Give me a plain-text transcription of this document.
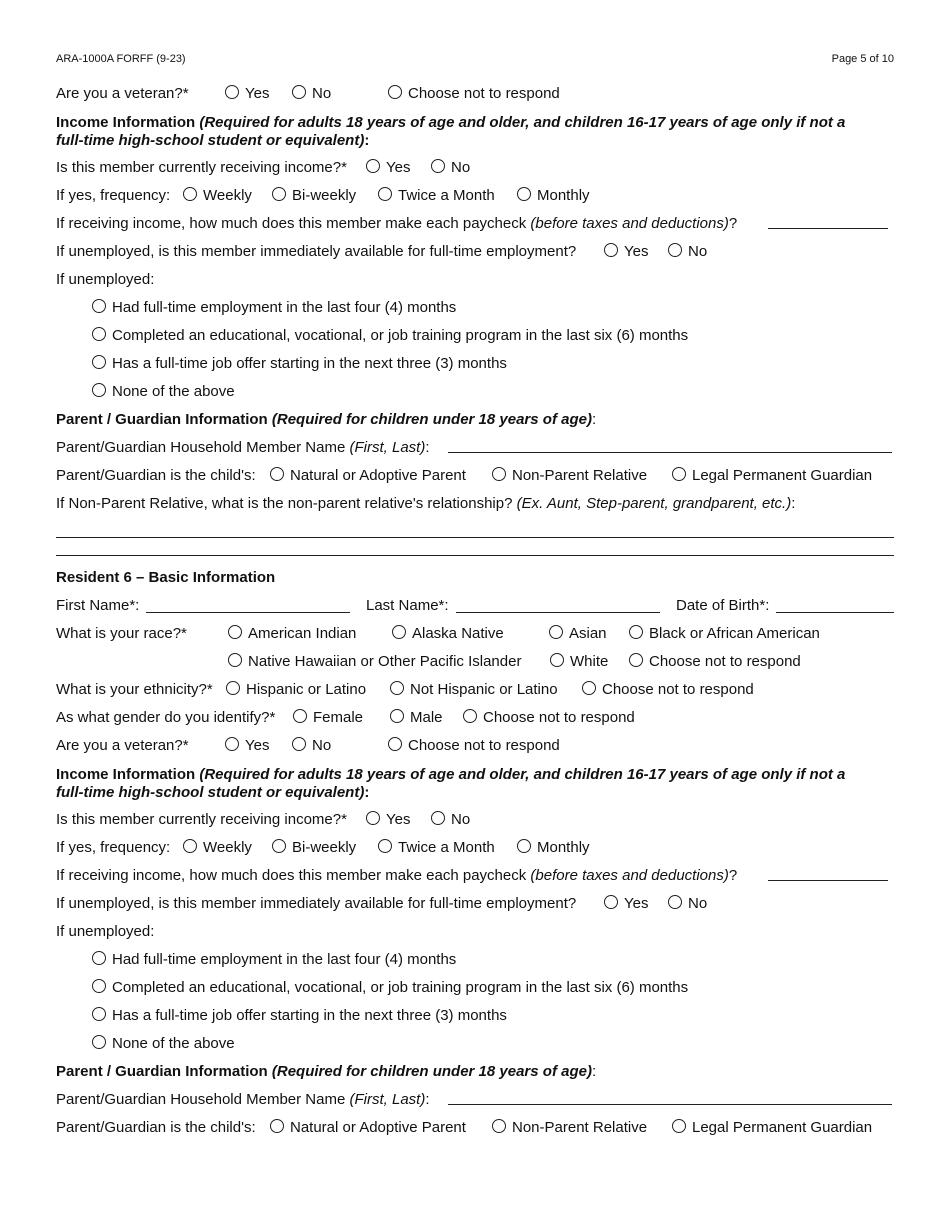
ARA-1000A FORFF (9-23)	Page 5 of 10
Are you a veteran?*	Yes	No	Choose not to respond
Income Information (Required for adults 18 years of age and older, and children 16-17 years of age only if not a
full-time high-school student or equivalent):
Is this member currently receiving income?*	Yes	No
If yes, frequency:	Weekly	Bi-weekly	Twice a Month	Monthly
If receiving income, how much does this member make each paycheck (before taxes and deductions)?
If unemployed, is this member immediately available for full-time employment?	Yes	No
If unemployed:
Had full-time employment in the last four (4) months
Completed an educational, vocational, or job training program in the last six (6) months
Has a full-time job offer starting in the next three (3) months
None of the above
Parent / Guardian Information (Required for children under 18 years of age):
Parent/Guardian Household Member Name (First, Last):
Parent/Guardian is the child's:	Natural or Adoptive Parent	Non-Parent Relative	Legal Permanent Guardian
If Non-Parent Relative, what is the non-parent relative's relationship? (Ex. Aunt, Step-parent, grandparent, etc.):
Resident 6 – Basic Information
First Name*:	Last Name*:	Date of Birth*:
What is your race?*	American Indian	Alaska Native	Asian	Black or African American
Native Hawaiian or Other Pacific Islander	White	Choose not to respond
What is your ethnicity?*	Hispanic or Latino	Not Hispanic or Latino	Choose not to respond
As what gender do you identify?*	Female	Male	Choose not to respond
Are you a veteran?*	Yes	No	Choose not to respond
Income Information (Required for adults 18 years of age and older, and children 16-17 years of age only if not a
full-time high-school student or equivalent):
Is this member currently receiving income?*	Yes	No
If yes, frequency:	Weekly	Bi-weekly	Twice a Month	Monthly
If receiving income, how much does this member make each paycheck (before taxes and deductions)?
If unemployed, is this member immediately available for full-time employment?	Yes	No
If unemployed:
Had full-time employment in the last four (4) months
Completed an educational, vocational, or job training program in the last six (6) months
Has a full-time job offer starting in the next three (3) months
None of the above
Parent / Guardian Information (Required for children under 18 years of age):
Parent/Guardian Household Member Name (First, Last):
Parent/Guardian is the child's:	Natural or Adoptive Parent	Non-Parent Relative	Legal Permanent Guardian
